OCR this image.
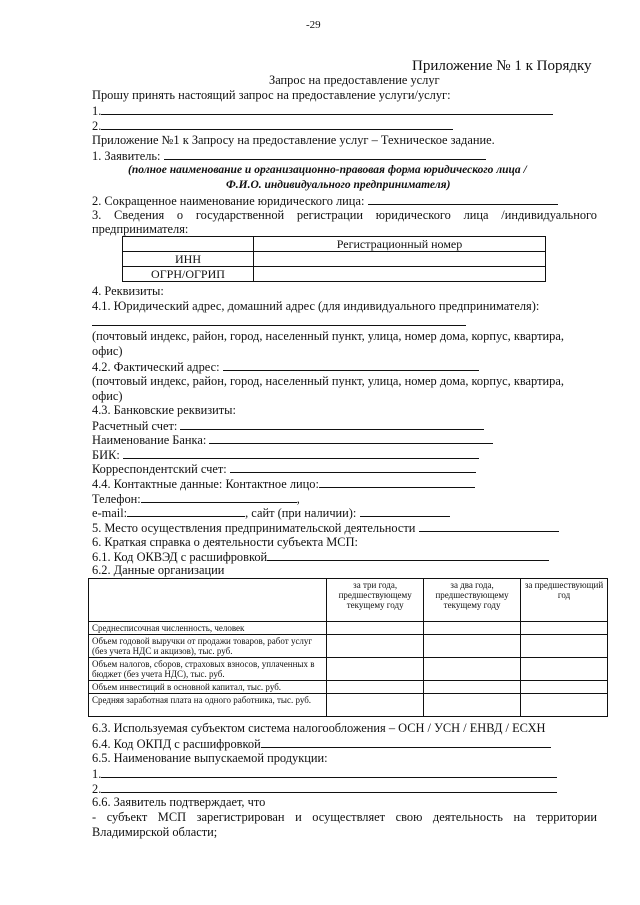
-29
Приложение № 1 к Порядку
Запрос на предоставление услуг
Прошу принять настоящий запрос на предоставление услуги/услуг:
1.
2.
Приложение №1 к Запросу на предоставление услуг – Техническое задание.
1. Заявитель:
(полное наименование и организационно-правовая форма юридического лица /
Ф.И.О. индивидуального предпринимателя)
2. Сокращенное наименование юридического лица:
3. Сведения о государственной регистрации юридического лица /индивидуального
предпринимателя:
	Регистрационный номер
ИНН	
ОГРН/ОГРИП	
4. Реквизиты:
4.1. Юридический адрес, домашний адрес (для индивидуального предпринимателя):
(почтовый индекс, район, город, населенный пункт, улица, номер дома, корпус, квартира,
офис)
4.2. Фактический адрес:
(почтовый индекс, район, город, населенный пункт, улица, номер дома, корпус, квартира,
офис)
4.3. Банковские реквизиты:
Расчетный счет:
Наименование Банка:
БИК:
Корреспондентский счет:
4.4. Контактные данные: Контактное лицо:
Телефон:	,
e-mail:	, сайт (при наличии):
5. Место осуществления предпринимательской деятельности
6. Краткая справка о деятельности субъекта МСП:
6.1. Код ОКВЭД с расшифровкой
6.2. Данные организации
	за три года, предшествующему текущему году	за два года, предшествующему текущему году	за предшествующий год
Среднесписочная численность, человек			
Объем годовой выручки от продажи товаров, работ услуг (без учета НДС и акцизов), тыс. руб.			
Объем налогов, сборов, страховых взносов, уплаченных в бюджет (без учета НДС), тыс. руб.			
Объем инвестиций в основной капитал, тыс. руб.			
Средняя заработная плата на одного работника, тыс. руб.			
6.3. Используемая субъектом система налогообложения – ОСН / УСН / ЕНВД / ЕСХН
6.4. Код ОКПД с расшифровкой
6.5. Наименование выпускаемой продукции:
1.
2.
6.6. Заявитель подтверждает, что
- субъект МСП зарегистрирован и осуществляет свою деятельность на территории
Владимирской области;
